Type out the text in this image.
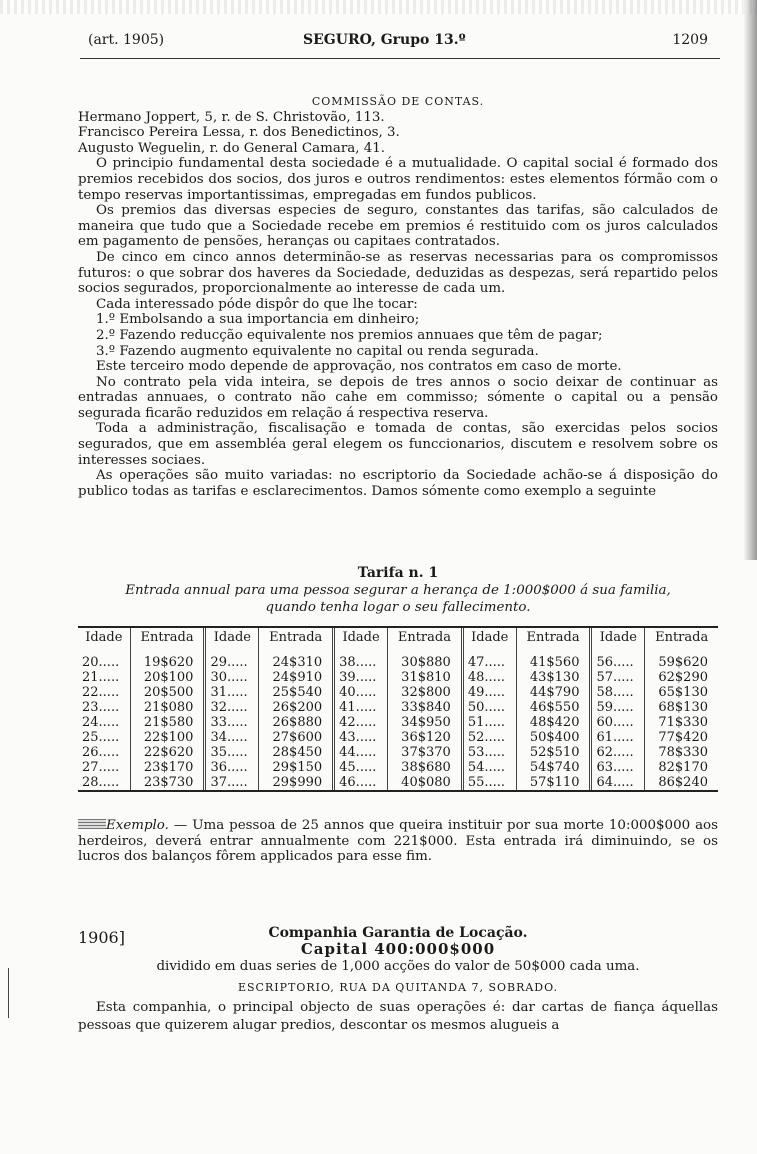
(art. 1905)	SEGURO, Grupo 13.º	1209
COMMISSÃO DE CONTAS.

Hermano Joppert, 5, r. de S. Christovão, 113.

Francisco Pereira Lessa, r. dos Benedictinos, 3.

Augusto Weguelin, r. do General Camara, 41.

O principio fundamental desta sociedade é a mutualidade. O capital social é formado dos premios recebidos dos socios, dos juros e outros rendimentos: estes elementos fórmão com o tempo reservas importantissimas, empregadas em fundos publicos.

Os premios das diversas especies de seguro, constantes das tarifas, são calculados de maneira que tudo que a Sociedade recebe em premios é restituido com os juros calculados em pagamento de pensões, heranças ou capitaes contratados.

De cinco em cinco annos determinão-se as reservas necessarias para os compromissos futuros: o que sobrar dos haveres da Sociedade, deduzidas as despezas, será repartido pelos socios segurados, proporcionalmente ao interesse de cada um.

Cada interessado póde dispôr do que lhe tocar:

1.º Embolsando a sua importancia em dinheiro;

2.º Fazendo reducção equivalente nos premios annuaes que têm de pagar;

3.º Fazendo augmento equivalente no capital ou renda segurada.

Este terceiro modo depende de approvação, nos contratos em caso de morte.

No contrato pela vida inteira, se depois de tres annos o socio deixar de continuar as entradas annuaes, o contrato não cahe em commisso; sómente o capital ou a pensão segurada ficarão reduzidos em relação á respectiva reserva.

Toda a administração, fiscalisação e tomada de contas, são exercidas pelos socios segurados, que em assembléa geral elegem os funccionarios, discutem e resolvem sobre os interesses sociaes.

As operações são muito variadas: no escriptorio da Sociedade achão-se á disposição do publico todas as tarifas e esclarecimentos. Damos sómente como exemplo a seguinte

Tarifa n. 1
Entrada annual para uma pessoa segurar a herança de 1:000$000 á sua familia,
quando tenha logar o seu fallecimento.
Idade	Entrada	Idade	Entrada	Idade	Entrada	Idade	Entrada	Idade	Entrada
20.....	19$620	29.....	24$310	38.....	30$880	47.....	41$560	56.....	59$620
21.....	20$100	30.....	24$910	39.....	31$810	48.....	43$130	57.....	62$290
22.....	20$500	31.....	25$540	40.....	32$800	49.....	44$790	58.....	65$130
23.....	21$080	32.....	26$200	41.....	33$840	50.....	46$550	59.....	68$130
24.....	21$580	33.....	26$880	42.....	34$950	51.....	48$420	60.....	71$330
25.....	22$100	34.....	27$600	43.....	36$120	52.....	50$400	61.....	77$420
26.....	22$620	35.....	28$450	44.....	37$370	53.....	52$510	62.....	78$330
27.....	23$170	36.....	29$150	45.....	38$680	54.....	54$740	63.....	82$170
28.....	23$730	37.....	29$990	46.....	40$080	55.....	57$110	64.....	86$240

Exemplo. — Uma pessoa de 25 annos que queira instituir por sua morte 10:000$000 aos herdeiros, deverá entrar annualmente com 221$000. Esta entrada irá diminuindo, se os lucros dos balanços fôrem applicados para esse fim.

1906]	Companhia Garantia de Locação.
Capital 400:000$000
dividido em duas series de 1,000 acções do valor de 50$000 cada uma.
ESCRIPTORIO, RUA DA QUITANDA 7, SOBRADO.

Esta companhia, o principal objecto de suas operações é: dar cartas de fiança áquellas pessoas que quizerem alugar predios, descontar os mesmos alugueis a
